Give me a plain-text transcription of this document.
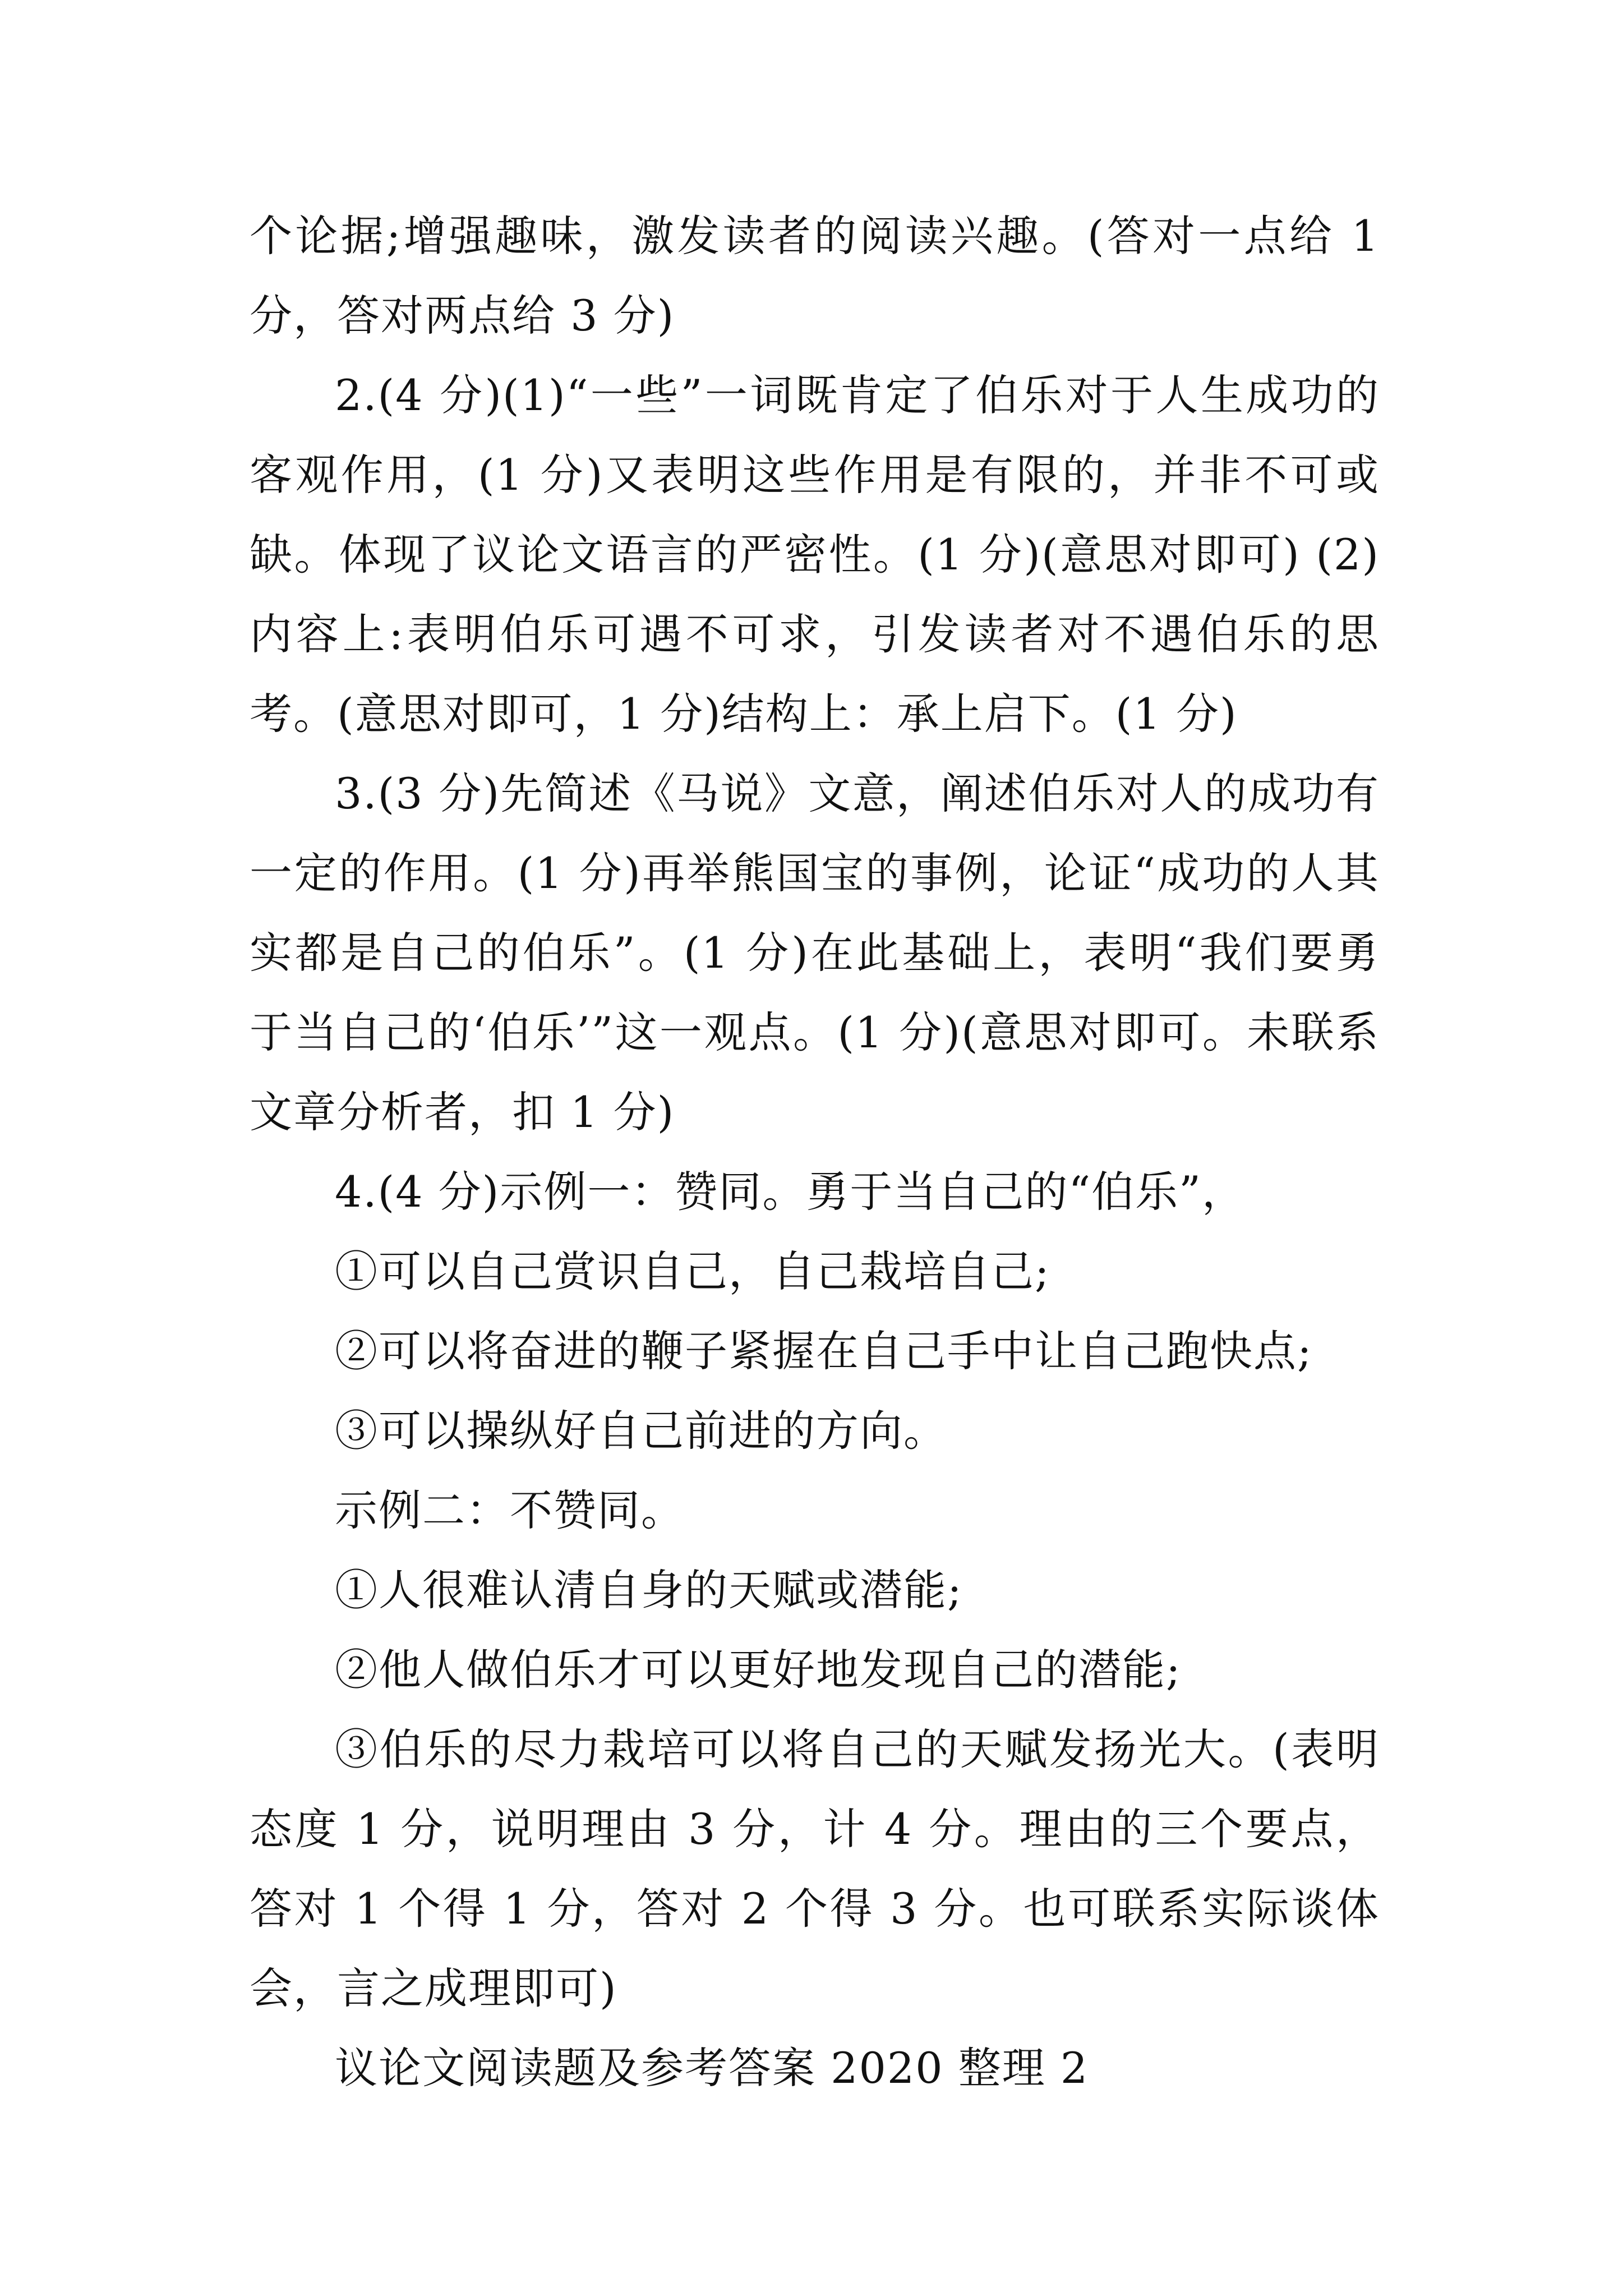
个论据;增强趣味，激发读者的阅读兴趣。(答对一点给 1 分，答对两点给 3 分)

2.(4 分)(1)“一些”一词既肯定了伯乐对于人生成功的客观作用，(1 分)又表明这些作用是有限的，并非不可或缺。体现了议论文语言的严密性。(1 分)(意思对即可) (2)内容上:表明伯乐可遇不可求，引发读者对不遇伯乐的思考。(意思对即可，1 分)结构上：承上启下。(1 分)

3.(3 分)先简述《马说》文意，阐述伯乐对人的成功有一定的作用。(1 分)再举熊国宝的事例，论证“成功的人其实都是自己的伯乐”。(1 分)在此基础上，表明“我们要勇于当自己的‘伯乐’”这一观点。(1 分)(意思对即可。未联系文章分析者，扣 1 分)

4.(4 分)示例一：赞同。勇于当自己的“伯乐”，

①可以自己赏识自己，自己栽培自己;

②可以将奋进的鞭子紧握在自己手中让自己跑快点;

③可以操纵好自己前进的方向。

示例二：不赞同。

①人很难认清自身的天赋或潜能;

②他人做伯乐才可以更好地发现自己的潜能;

③伯乐的尽力栽培可以将自己的天赋发扬光大。(表明态度 1 分，说明理由 3 分，计 4 分。理由的三个要点，答对 1 个得 1 分，答对 2 个得 3 分。也可联系实际谈体会，言之成理即可)

议论文阅读题及参考答案 2020 整理 2
